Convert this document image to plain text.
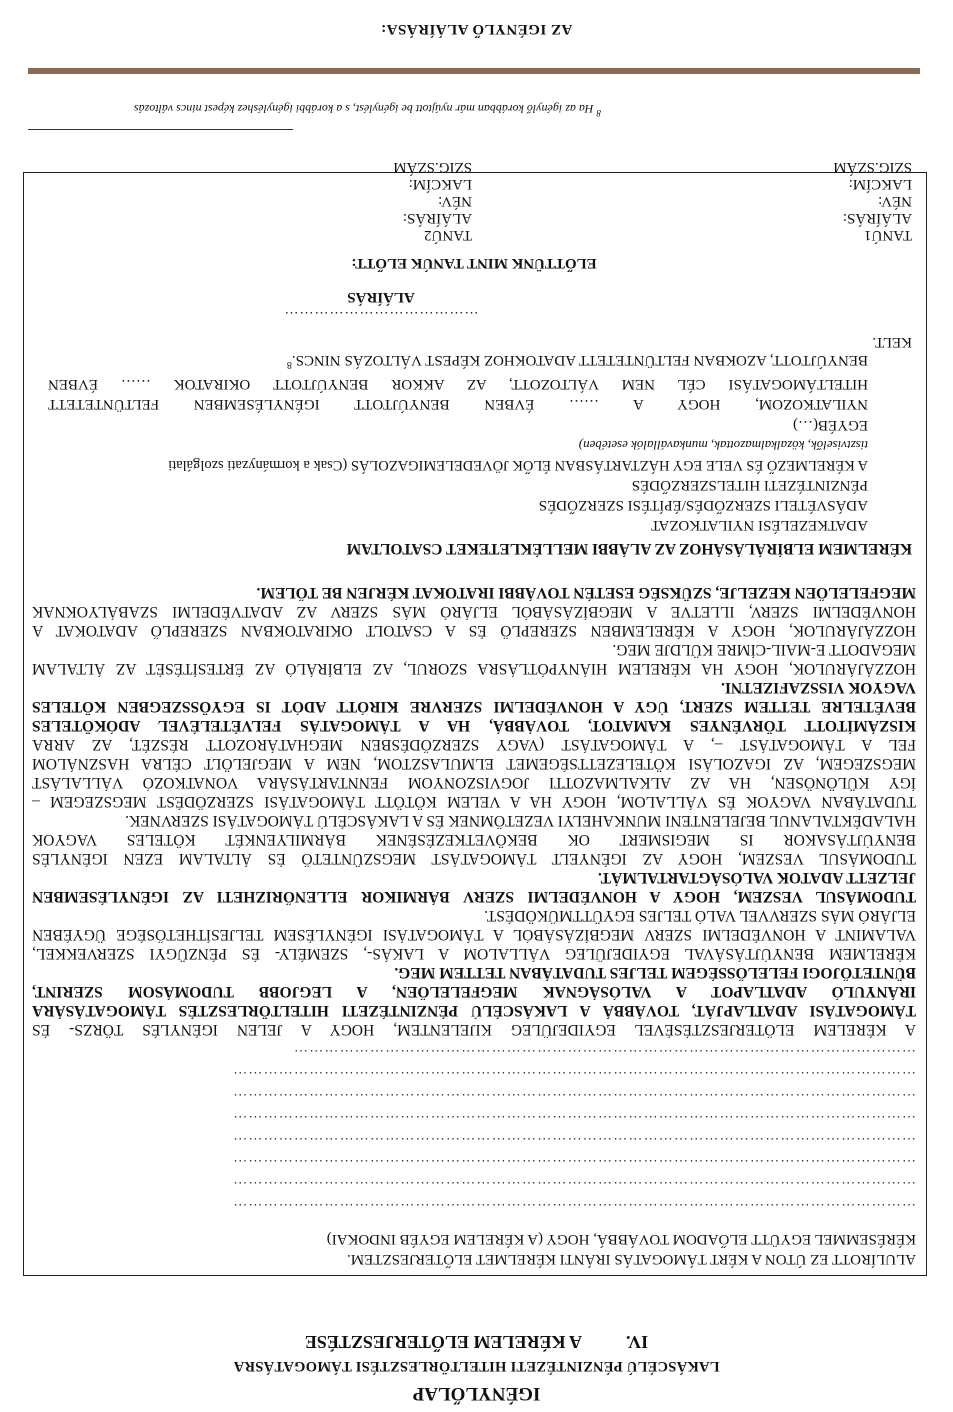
IGÉNYLŐLAP
LAKÁSCÉLÚ PÉNZINTÉZETI HITELTÖRLESZTÉSI TÁMOGATÁSRA
IV.A KÉRELEM ELŐTERJESZTÉSE
ALULÍROTT EZ ÚTON A KÉRT TÁMOGATÁS IRÁNTI KÉRELMET ELŐTERJESZTEM.
KÉRÉSEMMEL EGYÜTT ELŐADOM TOVÁBBÁ, HOGY (A KÉRELEM EGYÉB INDOKAI)
………………………………………………………………………………………………………………………
………………………………………………………………………………………………………………………
………………………………………………………………………………………………………………………
………………………………………………………………………………………………………………………
………………………………………………………………………………………………………………………
………………………………………………………………………………………………………………………
………………………………………………………………………………………………………………………
……………………………………………………………………………………………………………
A KÉRELEM ELŐTERJESZTÉSÉVEL EGYIDEJŰLEG KIJELENTEM, HOGY A JELEN IGÉNYLÉS TÖRZS- ÉS
TÁMOGATÁSI ADATLAPJÁT, TOVÁBBÁ A LAKÁSCÉLÚ PÉNZINTÉZETI HITELTÖRLESZTÉS TÁMOGATÁSÁRA
IRÁNYULÓ ADATLAPOT A VALÓSÁGNAK MEGFELELŐEN, A LEGJOBB TUDOMÁSOM SZERINT,
BÜNTETŐJOGI FELELŐSSÉGEM TELJES TUDATÁBAN TETTEM MEG.
KÉRELMEM BENYÚJTÁSÁVAL EGYIDEJŰLEG VÁLLALOM A LAKÁS-, SZEMÉLY- ÉS PÉNZÜGYI SZERVEKKEL,
VALAMINT A HONVÉDELMI SZERV MEGBÍZÁSÁBÓL A TÁMOGATÁSI IGÉNYLÉSEM TELJESÍTHETŐSÉGE ÜGYÉBEN
ELJÁRÓ MÁS SZERVVEL VALÓ TELJES EGYÜTTMŰKÖDÉST.
TUDOMÁSUL VESZEM, HOGY A HONVÉDELMI SZERV BÁRMIKOR ELLENŐRIZHETI AZ IGÉNYLÉSEMBEN
JELZETT ADATOK VALÓSÁGTARTALMÁT.
TUDOMÁSUL VESZEM, HOGY AZ IGÉNYELT TÁMOGATÁST MEGSZÜNTETŐ ÉS ÁLTALAM EZEN IGÉNYLÉS
BENYÚJTÁSAKOR IS MEGISMERT OK BEKÖVETKEZÉSÉNEK BÁRMILYENKÉT KÖTELES VAGYOK
HALADÉKTALANUL BEJELENTENI MUNKAHELYI VEZETŐMNEK ÉS A LAKÁSCÉLÚ TÁMOGATÁSI SZERVNEK.
TUDATÁBAN VAGYOK ÉS VÁLLALOM, HOGY HA A VELEM KÖTÖTT TÁMOGATÁSI SZERZŐDÉST MEGSZEGEM –
ÍGY KÜLÖNÖSEN, HA AZ ALKALMAZOTTI JOGVISZONYOM FENNTARTÁSÁRA VONATKOZÓ VÁLLALÁST
MEGSZEGEM, AZ IGAZOLÁSI KÖTELEZETTSÉGEMET ELMULASZTOM, NEM A MEGJELÖLT CÉLRA HASZNÁLOM
FEL A TÁMOGATÁST –, A TÁMOGATÁST (VAGY SZERZŐDÉSBEN MEGHATÁROZOTT RÉSZÉT, AZ ARRA
KISZÁMÍTOTT TÖRVÉNYES KAMATOT, TOVÁBBÁ, HA A TÁMOGATÁS FELVÉTELÉVEL ADÓKÖTELES
BEVÉTELRE TETTEM SZERT, ÚGY A HONVÉDELMI SZERVRE KIRÓTT ADÓT IS EGYÖSSZEGBEN KÖTELES
VAGYOK VISSZAFIZETNI.
HOZZÁJÁRULOK, HOGY HA KÉRELEM HIÁNYPÓTLÁSRA SZORUL, AZ ELBÍRÁLÓ AZ ÉRTESÍTÉSÉT AZ ÁLTALAM
MEGADOTT E-MAIL-CÍMRE KÜLDJE MEG.
HOZZÁJÁRULOK, HOGY A KÉRELEMBEN SZEREPLŐ ÉS A CSATOLT OKIRATOKBAN SZEREPLŐ ADATOKAT A
HONVÉDELMI SZERV, ILLETVE A MEGBÍZÁSÁBÓL ELJÁRÓ MÁS SZERV AZ ADATVÉDELMI SZABÁLYOKNAK
MEGFELELŐEN KEZELJE, SZÜKSÉG ESETÉN TOVÁBBI IRATOKAT KÉRJEN BE TŐLEM.
KÉRELMEM ELBÍRÁLÁSÁHOZ AZ ALÁBBI MELLÉKLETEKET CSATOLTAM
ADATKEZELÉSI NYILATKOZAT
ADÁSVÉTELI SZERZŐDÉS/ÉPÍTÉSI SZERZŐDÉS
PÉNZINTÉZETI HITELSZERZŐDÉS
A KÉRELMEZŐ ÉS VELE EGY HÁZTARTÁSBAN ÉLŐK JÖVEDELEMIGAZOLÁS (Csak a kormányzati szolgálati
tisztviselők, közalkalmazottak, munkavállalók esetében)
EGYÉB(…)
NYILATKOZOM, HOGY A …… ÉVBEN BENYÚJTOTT IGÉNYLÉSEMBEN FELTÜNTETETT
HITELTÁMOGATÁSI CÉL NEM VÁLTOZOTT, AZ AKKOR BENYÚJTOTT OKIRATOK …… ÉVBEN
BENYÚJTOTT, AZOKBAN FELTÜNTETETT ADATOKHOZ KÉPEST VÁLTOZÁS NINCS.$^8$
KELT.
…………………………………
ALÁÍRÁS
ELŐTTÜNK MINT TANÚK ELŐTT:
TANÚ1
ALÁÍRÁS:
NÉV:
LAKCÍM:
SZIG.SZÁM
TANÚ2
ALÁÍRÁS:
NÉV:
LAKCÍM:
SZIG.SZÁM
$^8$ Ha az igénylő korábban már nyújtott be igénylést, s a korábbi igényléshez képest nincs változás
AZ IGÉNYLŐ ALÁÍRÁSA:
